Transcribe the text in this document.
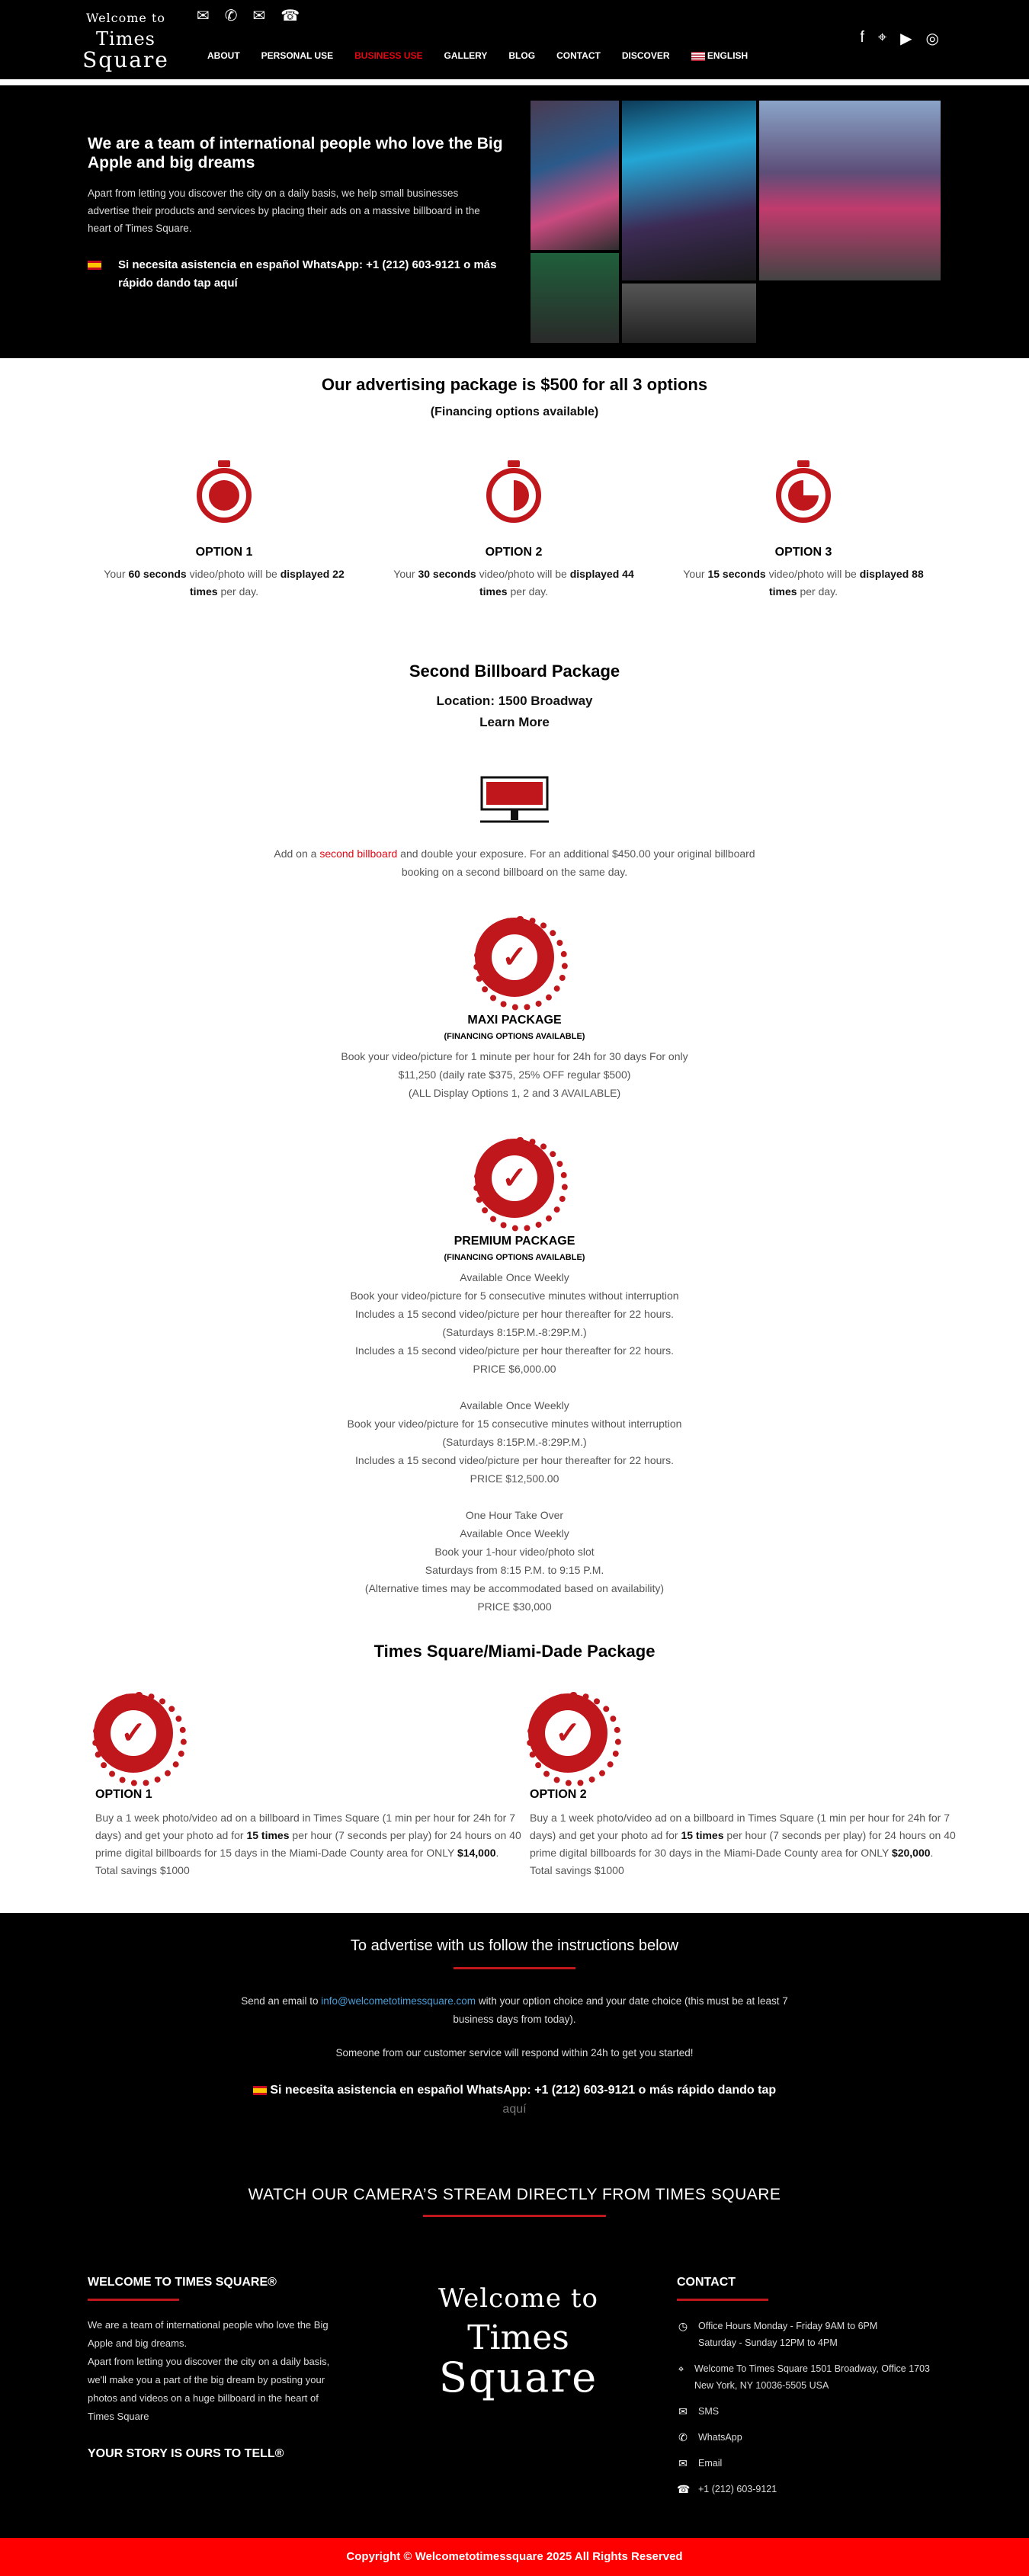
Welcome to
Times
Square
✉ ✆ ✉ ☎
ABOUT PERSONAL USE BUSINESS USE GALLERY BLOG CONTACT DISCOVER	ENGLISH
f ⌖ ▶ ◎
We are a team of international people who love the Big Apple and big dreams

Apart from letting you discover the city on a daily basis, we help small businesses advertise their products and services by placing their ads on a massive billboard in the heart of Times Square.

Si necesita asistencia en español WhatsApp: +1 (212) 603-9121 o más rápido dando tap aquí
Our advertising package is $500 for all 3 options
(Financing options available)
OPTION 1
Your 60 seconds video/photo will be displayed 22 times per day.
OPTION 2
Your 30 seconds video/photo will be displayed 44 times per day.
OPTION 3
Your 15 seconds video/photo will be displayed 88 times per day.
Second Billboard Package
Location: 1500 Broadway
Learn More
Add on a second billboard and double your exposure. For an additional $450.00 your original billboard booking on a second billboard on the same day.
✓
MAXI PACKAGE
(FINANCING OPTIONS AVAILABLE)
Book your video/picture for 1 minute per hour for 24h for 30 days For only
$11,250 (daily rate $375, 25% OFF regular $500)
(ALL Display Options 1, 2 and 3 AVAILABLE)
✓
PREMIUM PACKAGE
(FINANCING OPTIONS AVAILABLE)
Available Once Weekly
Book your video/picture for 5 consecutive minutes without interruption
Includes a 15 second video/picture per hour thereafter for 22 hours.
(Saturdays 8:15P.M.-8:29P.M.)
Includes a 15 second video/picture per hour thereafter for 22 hours.
PRICE $6,000.00
Available Once Weekly
Book your video/picture for 15 consecutive minutes without interruption
(Saturdays 8:15P.M.-8:29P.M.)
Includes a 15 second video/picture per hour thereafter for 22 hours.
PRICE $12,500.00
One Hour Take Over
Available Once Weekly
Book your 1-hour video/photo slot
Saturdays from 8:15 P.M. to 9:15 P.M.
(Alternative times may be accommodated based on availability)
PRICE $30,000
Times Square/Miami-Dade Package
✓	✓
OPTION 1
Buy a 1 week photo/video ad on a billboard in Times Square (1 min per hour for 24h for 7 days) and get your photo ad for 15 times per hour (7 seconds per play) for 24 hours on 40 prime digital billboards for 15 days in the Miami-Dade County area for ONLY $14,000. Total savings $1000
OPTION 2
Buy a 1 week photo/video ad on a billboard in Times Square (1 min per hour for 24h for 7 days) and get your photo ad for 15 times per hour (7 seconds per play) for 24 hours on 40 prime digital billboards for 30 days in the Miami-Dade County area for ONLY $20,000. Total savings $1000
To advertise with us follow the instructions below
Send an email to info@welcometotimessquare.com with your option choice and your date choice (this must be at least 7 business days from today).
Someone from our customer service will respond within 24h to get you started!
Si necesita asistencia en español WhatsApp: +1 (212) 603-9121 o más rápido dando tap aquí
WATCH OUR CAMERA’S STREAM DIRECTLY FROM TIMES SQUARE
WELCOME TO TIMES SQUARE®

We are a team of international people who love the Big Apple and big dreams.

Apart from letting you discover the city on a daily basis, we'll make you a part of the big dream by posting your photos and videos on a huge billboard in the heart of Times Square

YOUR STORY IS OURS TO TELL®
Welcome to
Times
Square
CONTACT
◷ Office Hours Monday - Friday 9AM to 6PM
Saturday - Sunday 12PM to 4PM
⌖ Welcome To Times Square 1501 Broadway, Office 1703 New York, NY 10036-5505 USA
✉ SMS
✆ WhatsApp
✉ Email
☎ +1 (212) 603-9121
Copyright © Welcometotimessquare 2025 All Rights Reserved
